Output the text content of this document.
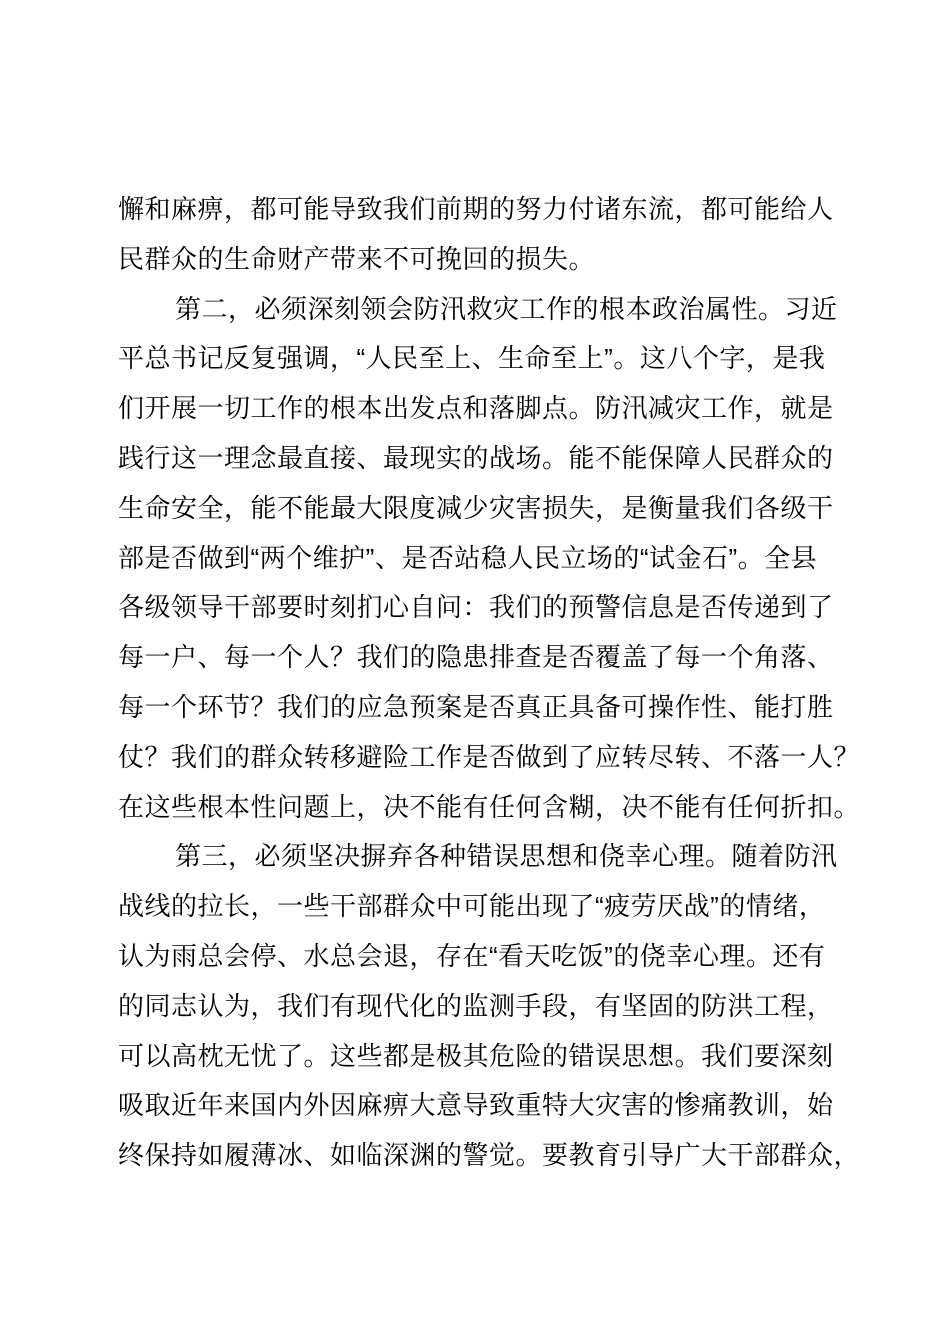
懈和麻痹，都可能导致我们前期的努力付诸东流，都可能给人
民群众的生命财产带来不可挽回的损失。
第二，必须深刻领会防汛救灾工作的根本政治属性。习近
平总书记反复强调，“人民至上、生命至上”。这八个字，是我
们开展一切工作的根本出发点和落脚点。防汛减灾工作，就是
践行这一理念最直接、最现实的战场。能不能保障人民群众的
生命安全，能不能最大限度减少灾害损失，是衡量我们各级干
部是否做到“两个维护”、是否站稳人民立场的“试金石”。全县
各级领导干部要时刻扪心自问：我们的预警信息是否传递到了
每一户、每一个人？我们的隐患排查是否覆盖了每一个角落、
每一个环节？我们的应急预案是否真正具备可操作性、能打胜
仗？我们的群众转移避险工作是否做到了应转尽转、不落一人？
在这些根本性问题上，决不能有任何含糊，决不能有任何折扣。
第三，必须坚决摒弃各种错误思想和侥幸心理。随着防汛
战线的拉长，一些干部群众中可能出现了“疲劳厌战”的情绪，
认为雨总会停、水总会退，存在“看天吃饭”的侥幸心理。还有
的同志认为，我们有现代化的监测手段，有坚固的防洪工程，
可以高枕无忧了。这些都是极其危险的错误思想。我们要深刻
吸取近年来国内外因麻痹大意导致重特大灾害的惨痛教训，始
终保持如履薄冰、如临深渊的警觉。要教育引导广大干部群众，
